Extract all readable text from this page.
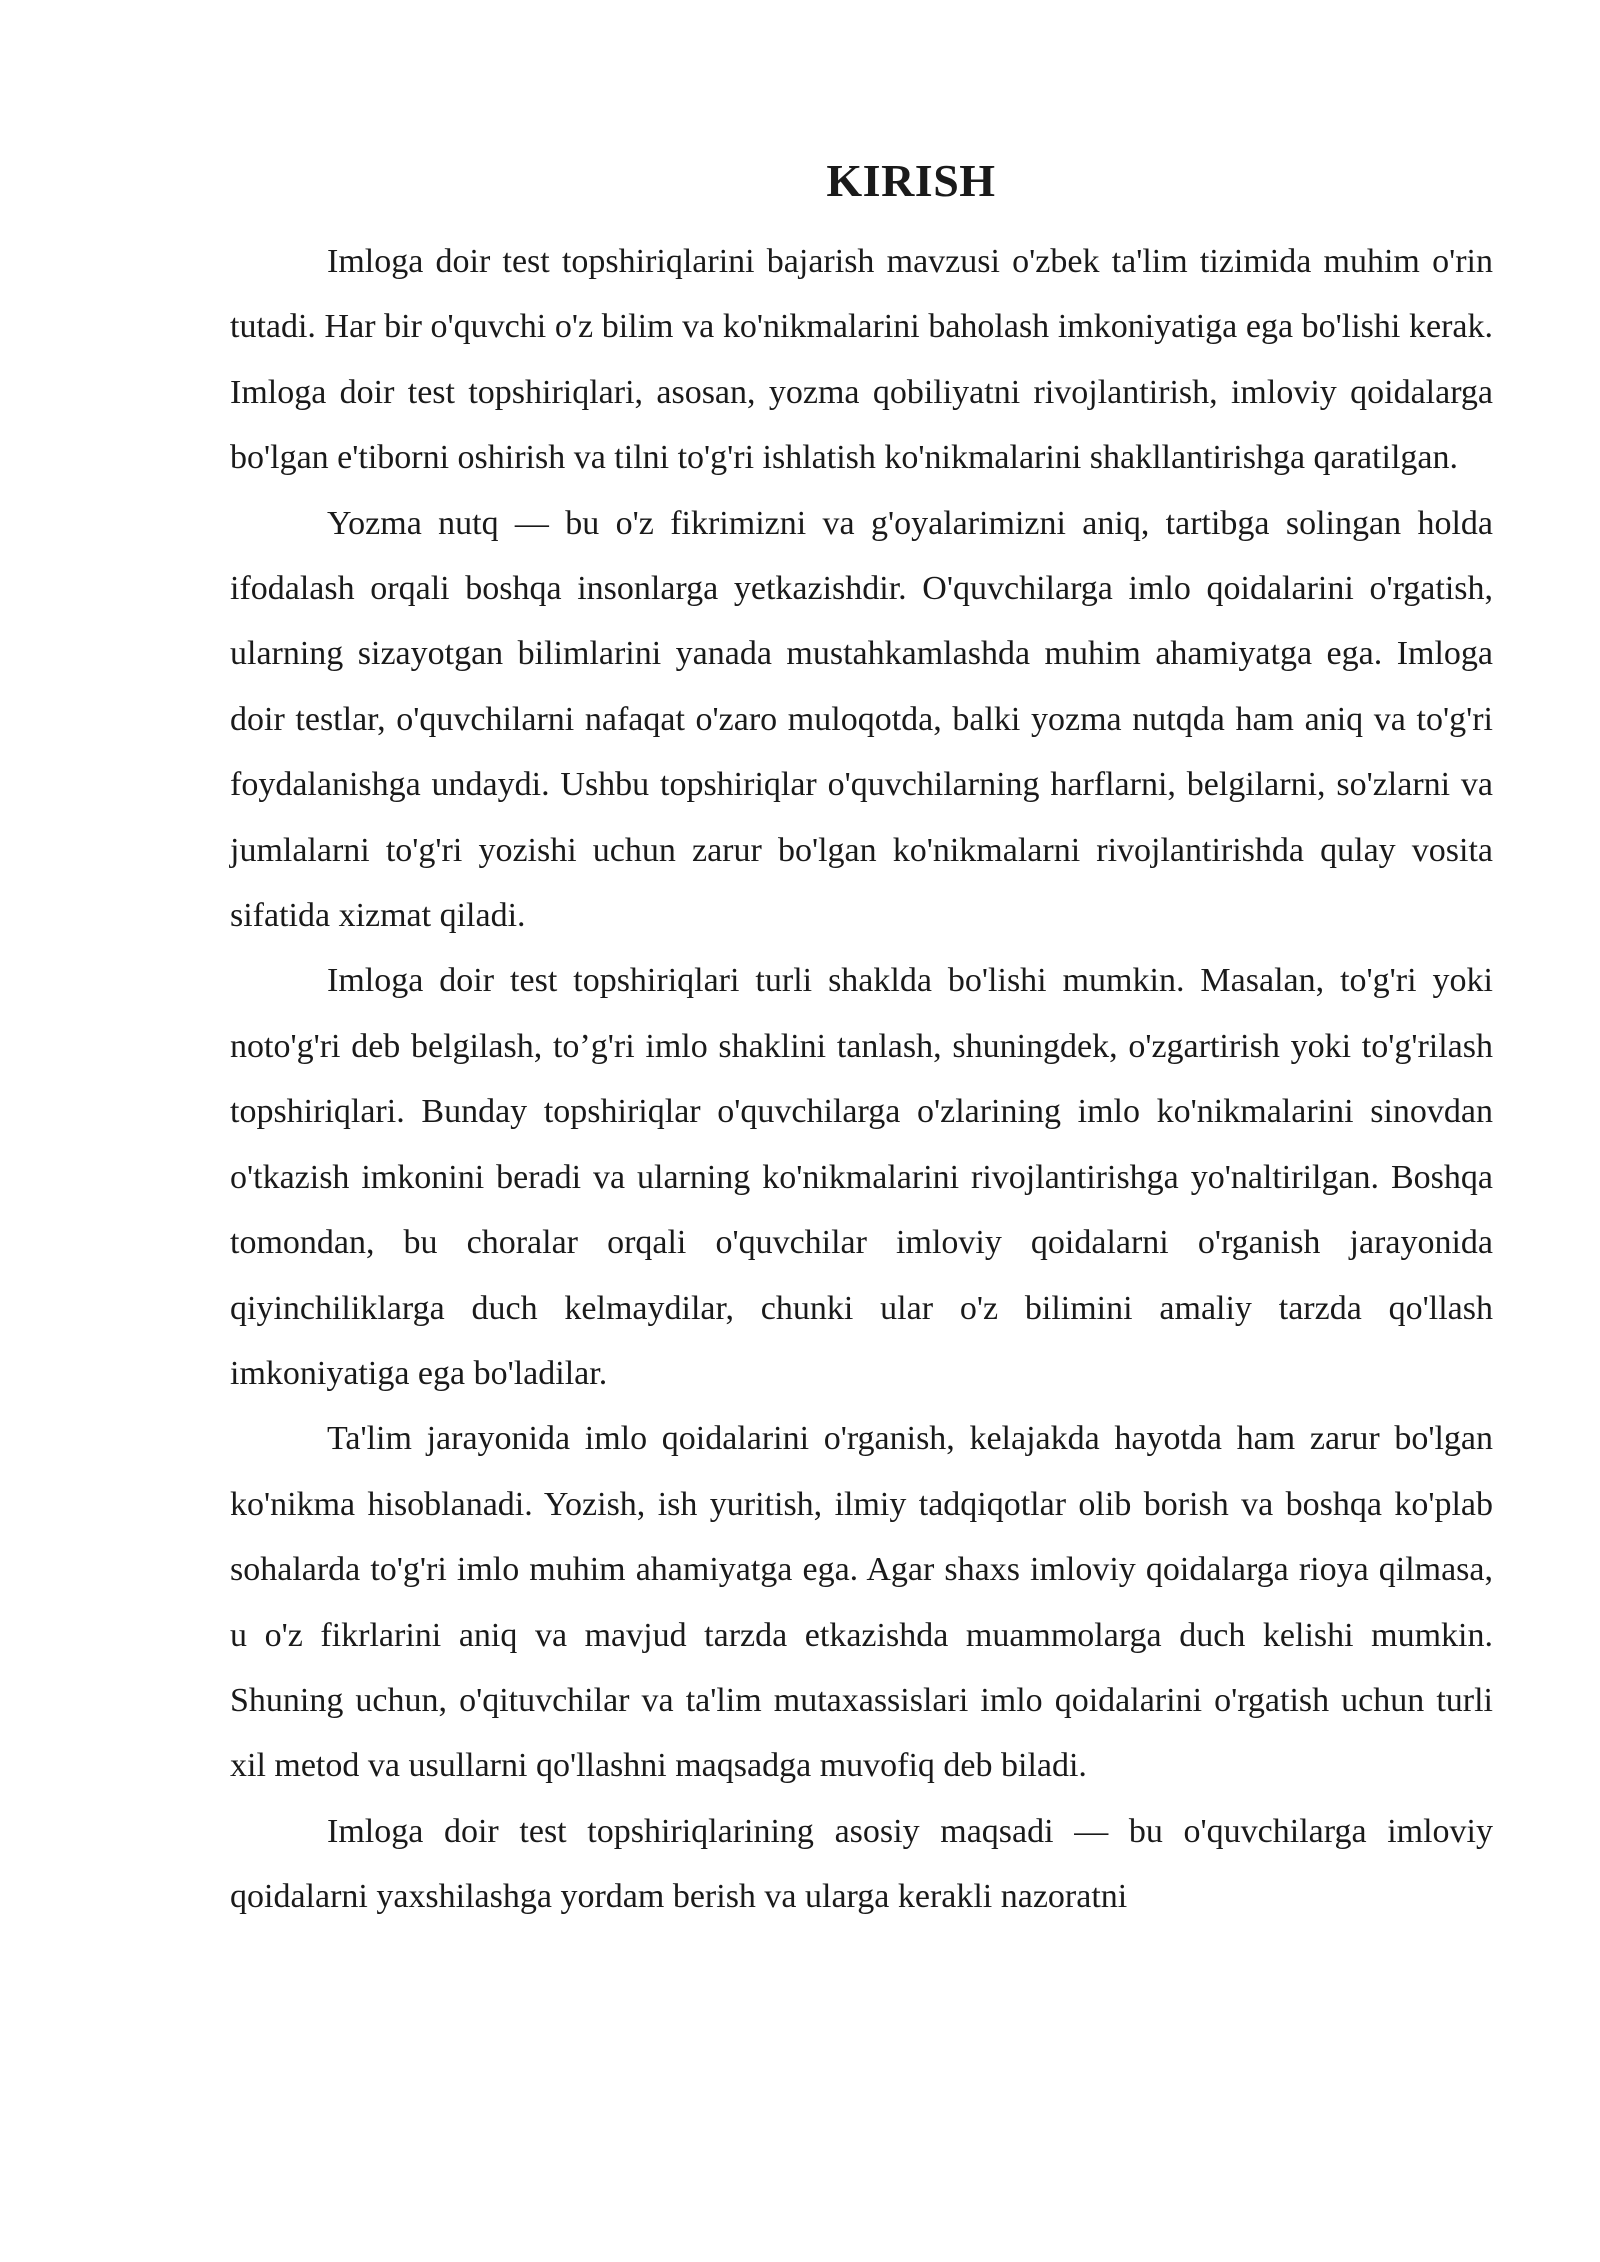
KIRISH

Imloga doir test topshiriqlarini bajarish mavzusi o'zbek ta'lim tizimida muhim o'rin tutadi. Har bir o'quvchi o'z bilim va ko'nikmalarini baholash imkoniyatiga ega bo'lishi kerak. Imloga doir test topshiriqlari, asosan, yozma qobiliyatni rivojlantirish, imloviy qoidalarga bo'lgan e'tiborni oshirish va tilni to'g'ri ishlatish ko'nikmalarini shakllantirishga qaratilgan.

Yozma nutq — bu o'z fikrimizni va g'oyalarimizni aniq, tartibga solingan holda ifodalash orqali boshqa insonlarga yetkazishdir. O'quvchilarga imlo qoidalarini o'rgatish, ularning sizayotgan bilimlarini yanada mustahkamlashda muhim ahamiyatga ega. Imloga doir testlar, o'quvchilarni nafaqat o'zaro muloqotda, balki yozma nutqda ham aniq va to'g'ri foydalanishga undaydi. Ushbu topshiriqlar o'quvchilarning harflarni, belgilarni, so'zlarni va jumlalarni to'g'ri yozishi uchun zarur bo'lgan ko'nikmalarni rivojlantirishda qulay vosita sifatida xizmat qiladi.

Imloga doir test topshiriqlari turli shaklda bo'lishi mumkin. Masalan, to'g'ri yoki noto'g'ri deb belgilash, to’g'ri imlo shaklini tanlash, shuningdek, o'zgartirish yoki to'g'rilash topshiriqlari. Bunday topshiriqlar o'quvchilarga o'zlarining imlo ko'nikmalarini sinovdan o'tkazish imkonini beradi va ularning ko'nikmalarini rivojlantirishga yo'naltirilgan. Boshqa tomondan, bu choralar orqali o'quvchilar imloviy qoidalarni o'rganish jarayonida qiyinchiliklarga duch kelmaydilar, chunki ular o'z bilimini amaliy tarzda qo'llash imkoniyatiga ega bo'ladilar.

Ta'lim jarayonida imlo qoidalarini o'rganish, kelajakda hayotda ham zarur bo'lgan ko'nikma hisoblanadi. Yozish, ish yuritish, ilmiy tadqiqotlar olib borish va boshqa ko'plab sohalarda to'g'ri imlo muhim ahamiyatga ega. Agar shaxs imloviy qoidalarga rioya qilmasa, u o'z fikrlarini aniq va mavjud tarzda etkazishda muammolarga duch kelishi mumkin. Shuning uchun, o'qituvchilar va ta'lim mutaxassislari imlo qoidalarini o'rgatish uchun turli xil metod va usullarni qo'llashni maqsadga muvofiq deb biladi.

Imloga doir test topshiriqlarining asosiy maqsadi — bu o'quvchilarga imloviy qoidalarni yaxshilashga yordam berish va ularga kerakli nazoratni
